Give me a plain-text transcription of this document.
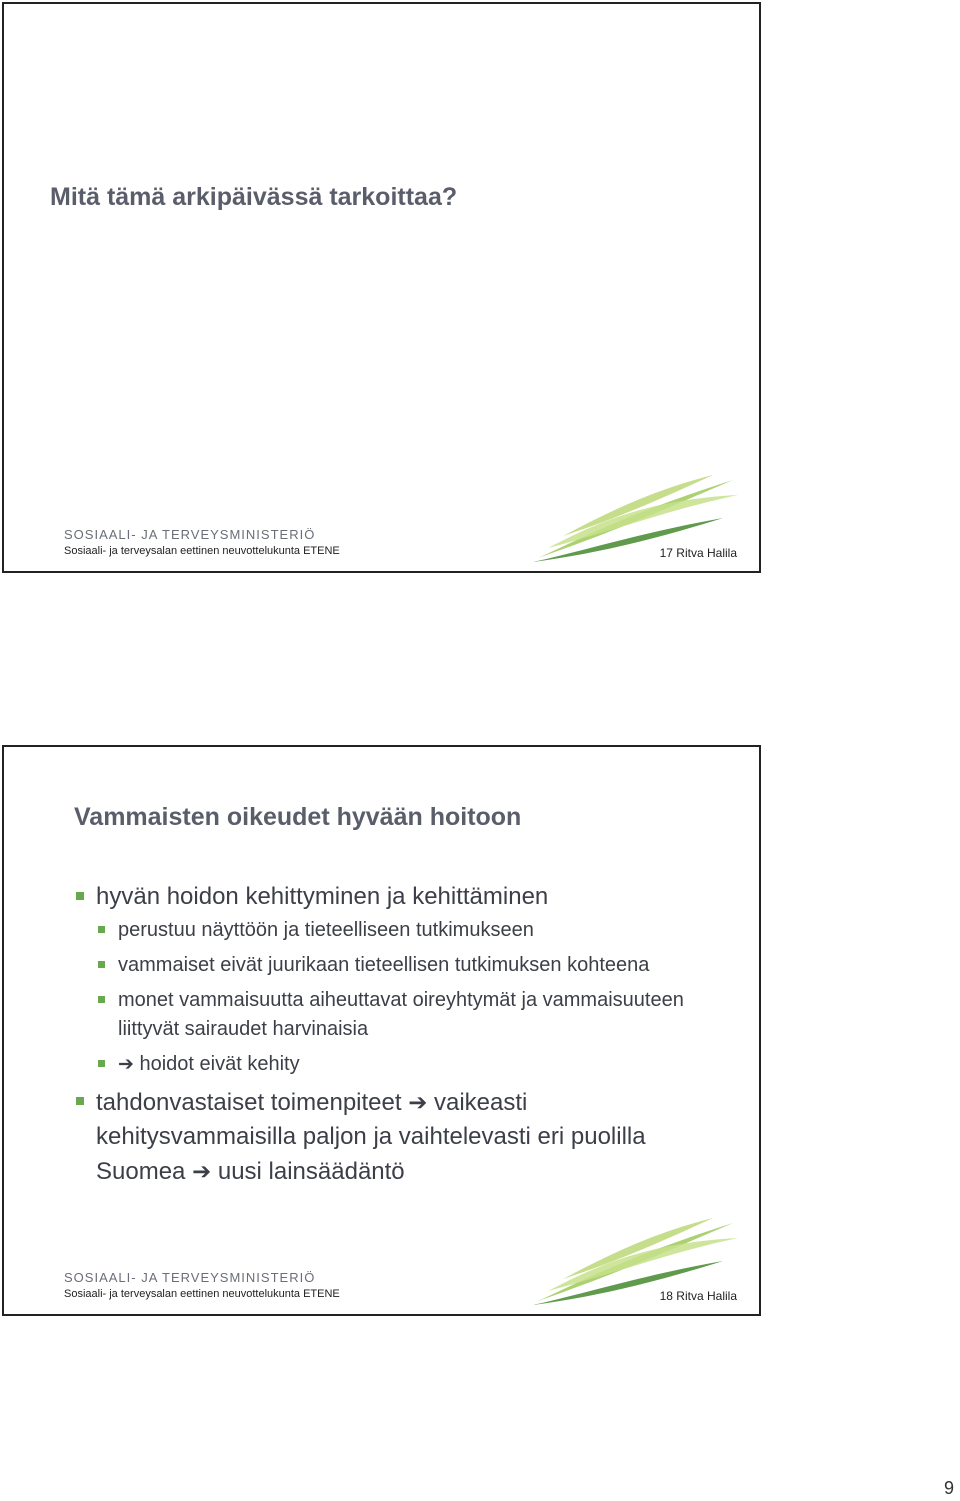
Mitä tämä arkipäivässä tarkoittaa?
SOSIAALI- JA TERVEYSMINISTERIÖ
Sosiaali- ja terveysalan eettinen neuvottelukunta ETENE	17 Ritva Halila
Vammaisten oikeudet hyvään hoitoon
hyvän hoidon kehittyminen ja kehittäminen
perustuu näyttöön ja tieteelliseen tutkimukseen
vammaiset eivät juurikaan tieteellisen tutkimuksen kohteena
monet vammaisuutta aiheuttavat oireyhtymät ja vammaisuuteen liittyvät sairaudet harvinaisia
➔ hoidot eivät kehity
tahdonvastaiset toimenpiteet ➔ vaikeasti kehitysvammaisilla paljon ja vaihtelevasti eri puolilla Suomea ➔ uusi lainsäädäntö
SOSIAALI- JA TERVEYSMINISTERIÖ
Sosiaali- ja terveysalan eettinen neuvottelukunta ETENE	18 Ritva Halila
9
